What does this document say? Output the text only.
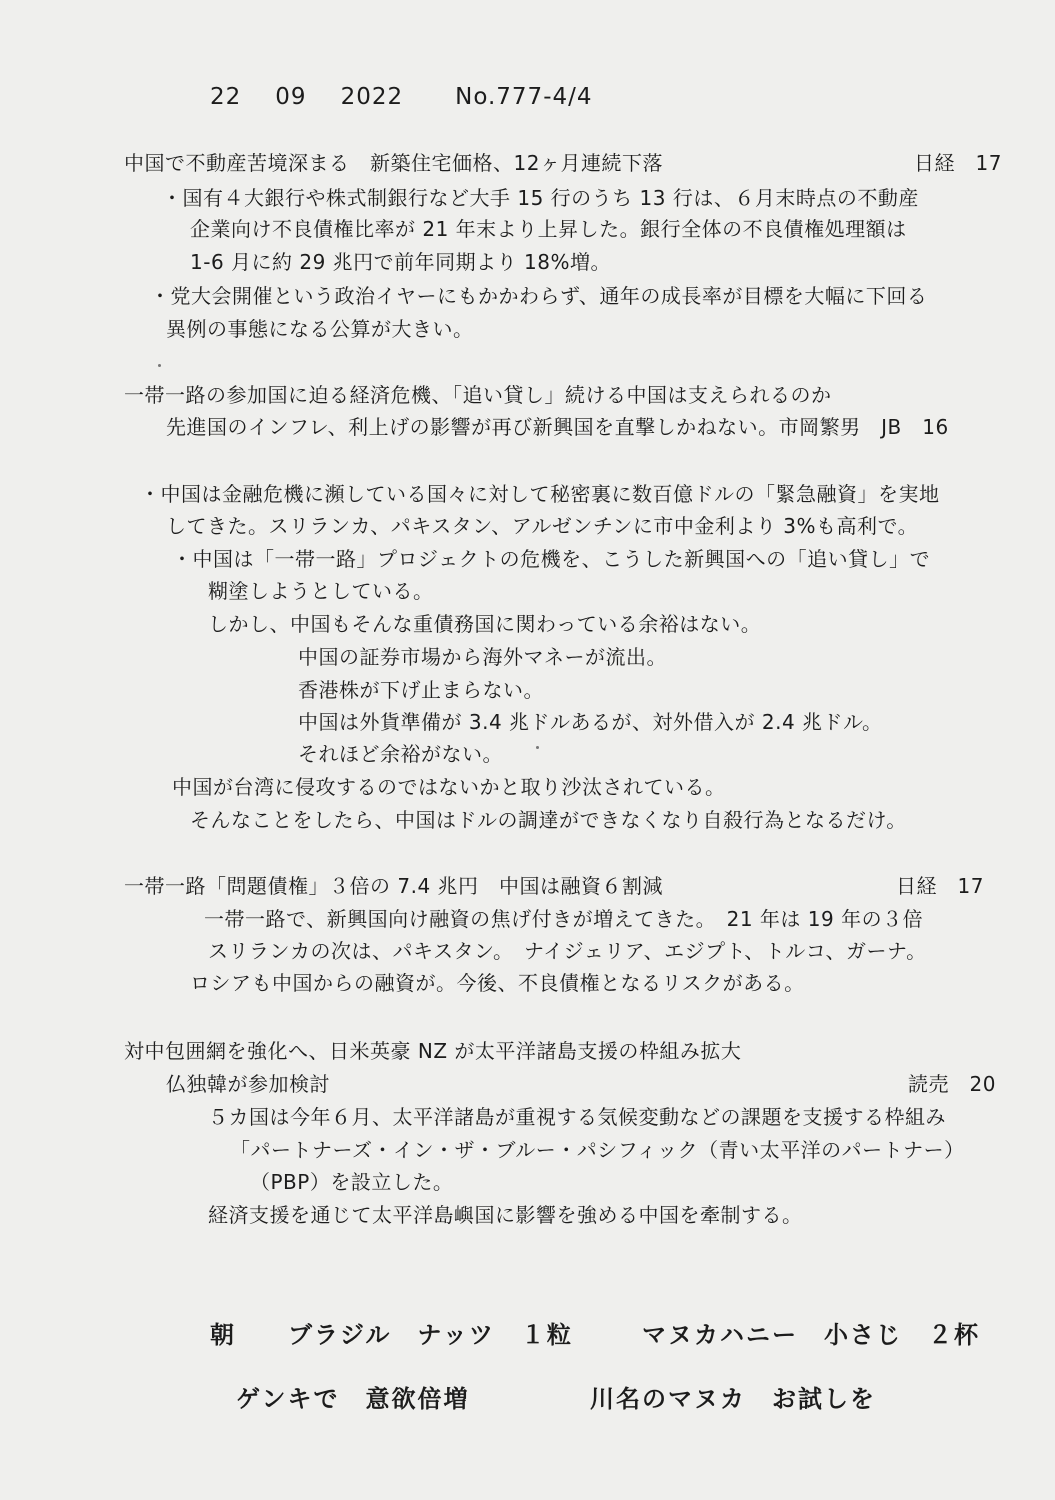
22 09 2022 No.777-4/4
中国で不動産苦境深まる　新築住宅価格、12ヶ月連続下落	日経　17
・国有４大銀行や株式制銀行など大手 15 行のうち 13 行は、６月末時点の不動産
企業向け不良債権比率が 21 年末より上昇した。銀行全体の不良債権処理額は
1-6 月に約 29 兆円で前年同期より 18%増。
・党大会開催という政治イヤーにもかかわらず、通年の成長率が目標を大幅に下回る
異例の事態になる公算が大きい。
一帯一路の参加国に迫る経済危機、「追い貸し」続ける中国は支えられるのか
先進国のインフレ、利上げの影響が再び新興国を直撃しかねない。市岡繁男　JB　16
・中国は金融危機に瀕している国々に対して秘密裏に数百億ドルの「緊急融資」を実地
してきた。スリランカ、パキスタン、アルゼンチンに市中金利より 3%も高利で。
・中国は「一帯一路」プロジェクトの危機を、こうした新興国への「追い貸し」で
糊塗しようとしている。
しかし、中国もそんな重債務国に関わっている余裕はない。
中国の証券市場から海外マネーが流出。
香港株が下げ止まらない。
中国は外貨準備が 3.4 兆ドルあるが、対外借入が 2.4 兆ドル。
それほど余裕がない。
中国が台湾に侵攻するのではないかと取り沙汰されている。
そんなことをしたら、中国はドルの調達ができなくなり自殺行為となるだけ。
一帯一路「問題債権」３倍の 7.4 兆円　中国は融資６割減	日経　17
一帯一路で、新興国向け融資の焦げ付きが増えてきた。　21 年は 19 年の３倍
スリランカの次は、パキスタン。　ナイジェリア、エジプト、トルコ、ガーナ。
ロシアも中国からの融資が。今後、不良債権となるリスクがある。
対中包囲網を強化へ、日米英豪 NZ が太平洋諸島支援の枠組み拡大
仏独韓が参加検討	読売　20
５カ国は今年６月、太平洋諸島が重視する気候変動などの課題を支援する枠組み
「パートナーズ・イン・ザ・ブルー・パシフィック（青い太平洋のパートナー）
（PBP）を設立した。
経済支援を通じて太平洋島嶼国に影響を強める中国を牽制する。
朝　　ブラジル　ナッツ　１粒	マヌカハニー　小さじ　２杯
ゲンキで　意欲倍増	川名のマヌカ　お試しを
